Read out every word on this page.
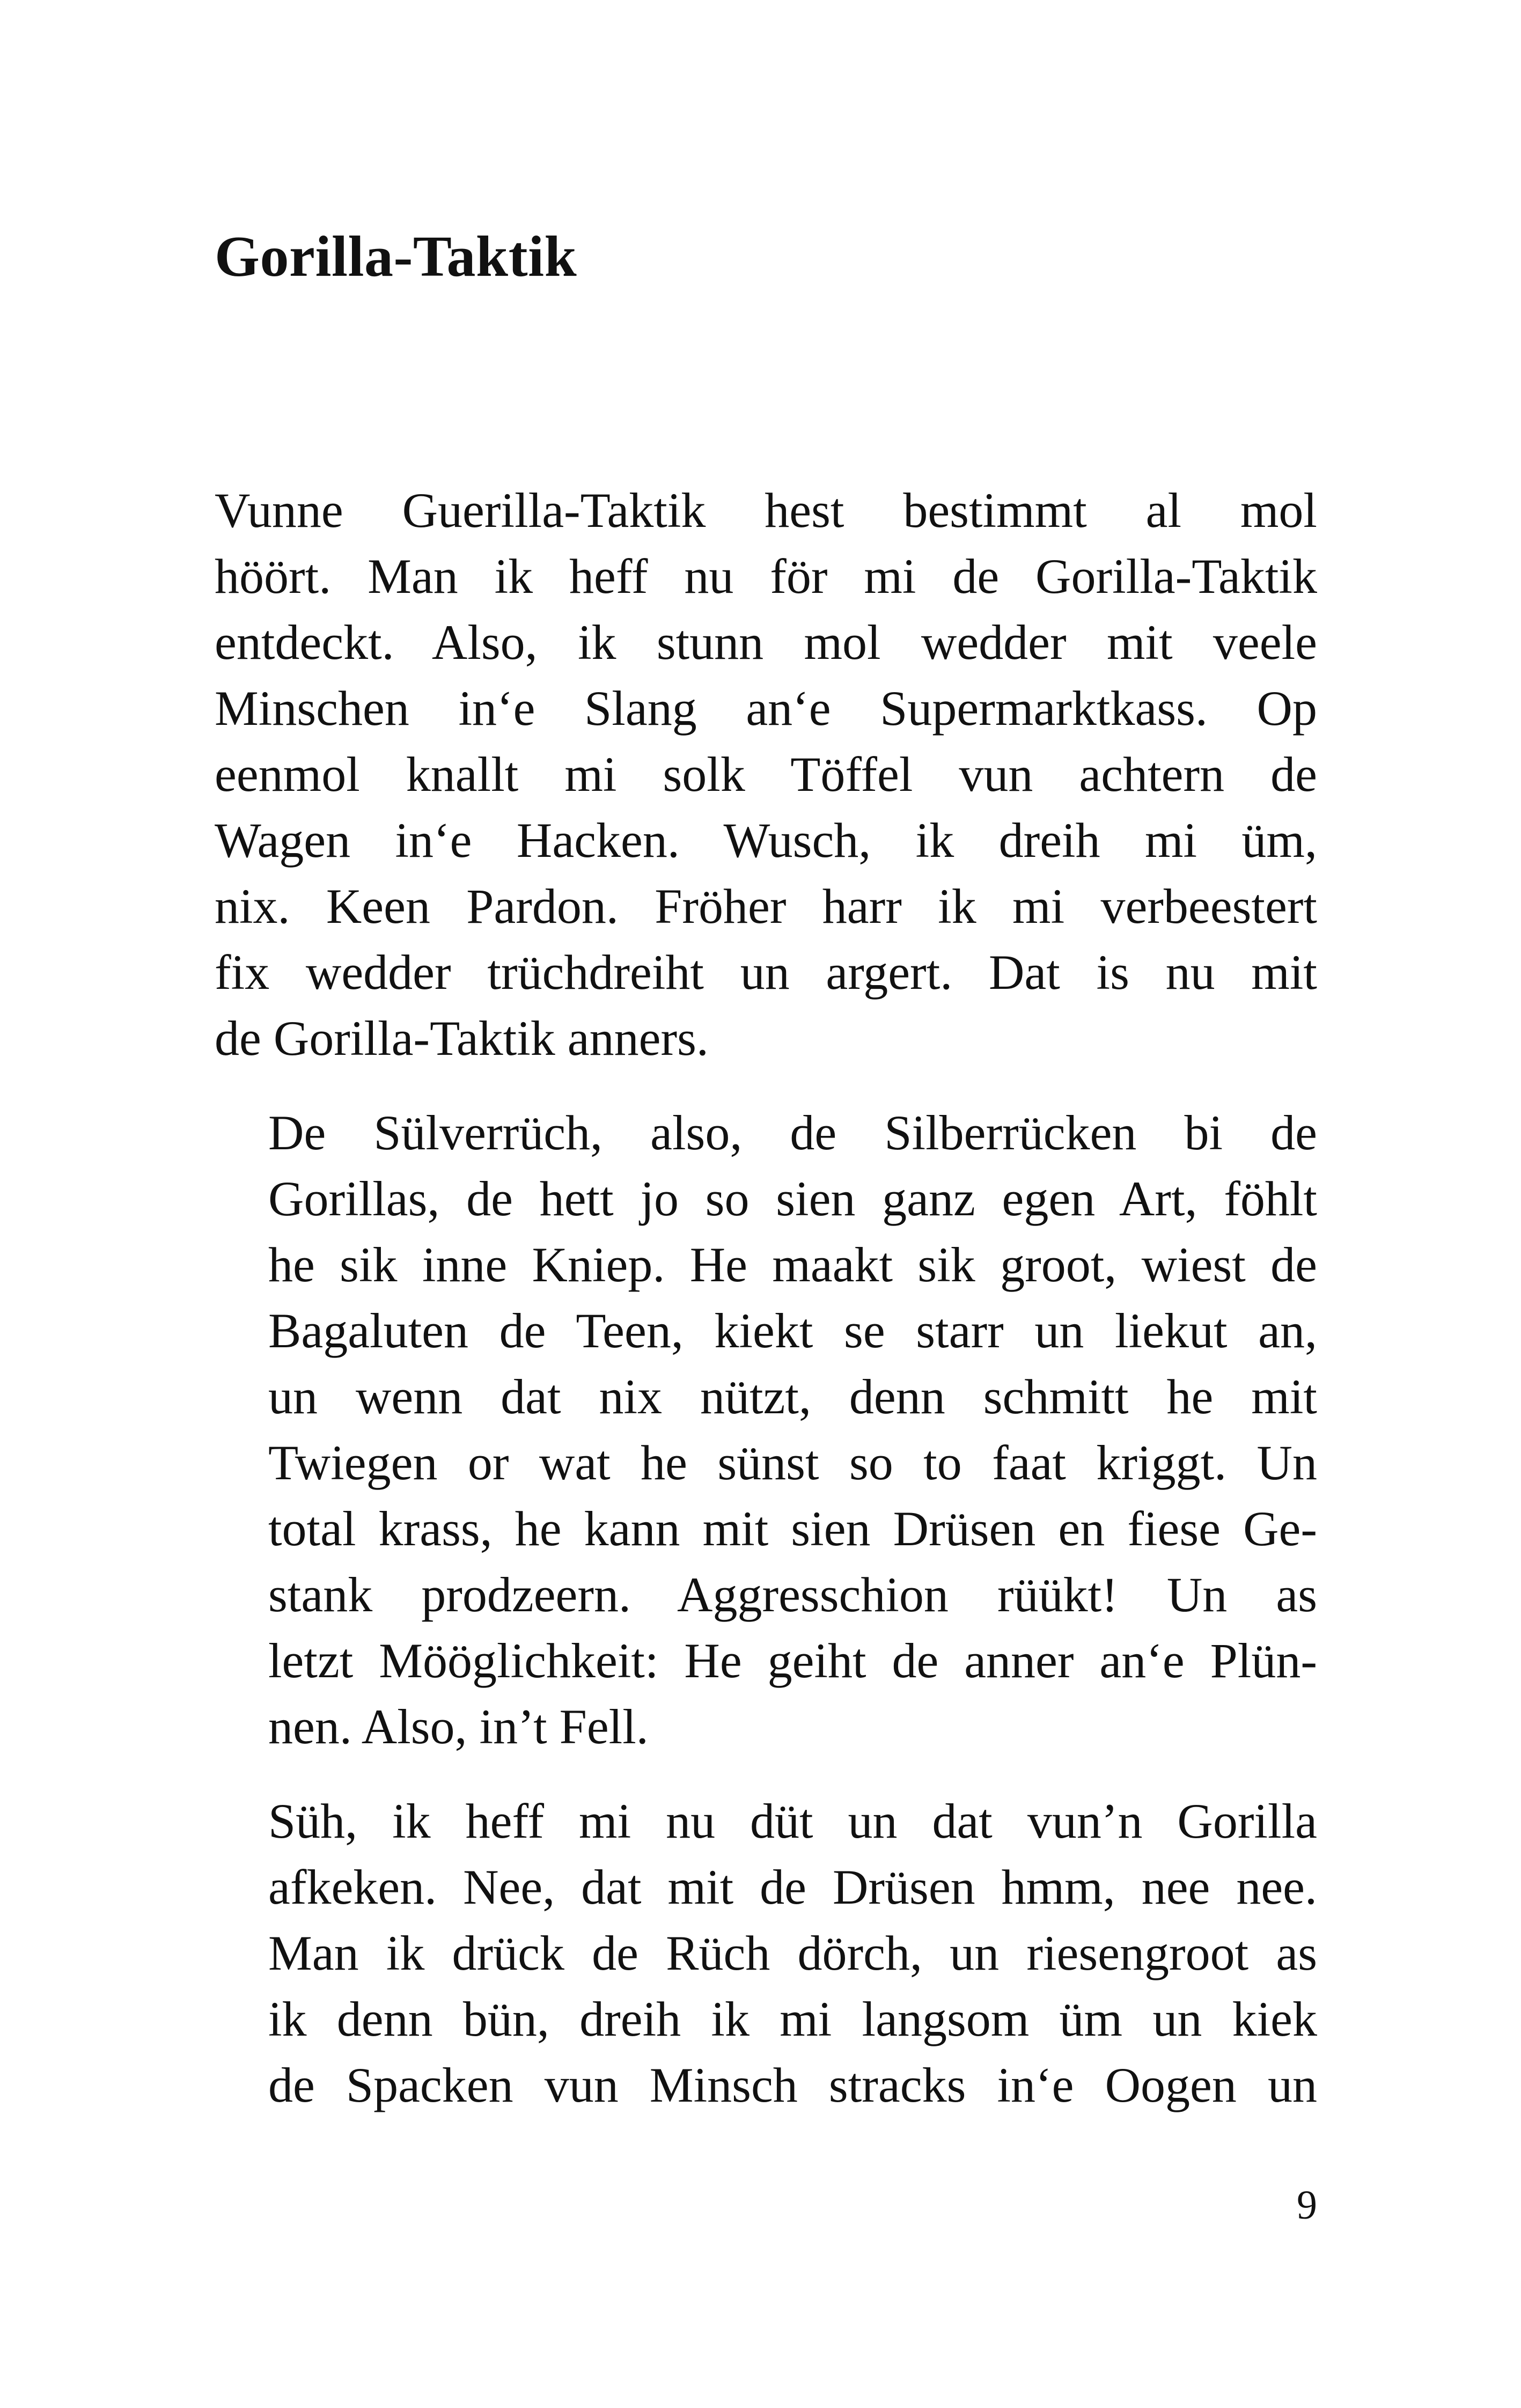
Gorilla-Taktik

Vunne Guerilla-Taktik hest bestimmt al mol
höört. Man ik heff nu för mi de Gorilla-Taktik
entdeckt. Also, ik stunn mol wedder mit veele
Minschen in‘e Slang an‘e Supermarktkass. Op
eenmol knallt mi solk Töffel vun achtern de
Wagen in‘e Hacken. Wusch, ik dreih mi üm,
nix. Keen Pardon. Fröher harr ik mi verbeestert
fix wedder trüchdreiht un argert. Dat is nu mit
de Gorilla-Taktik anners.

De Sülverrüch, also, de Silberrücken bi de
Gorillas, de hett jo so sien ganz egen Art, föhlt
he sik inne Kniep. He maakt sik groot, wiest de
Bagaluten de Teen, kiekt se starr un liekut an,
un wenn dat nix nützt, denn schmitt he mit
Twiegen or wat he sünst so to faat kriggt. Un
total krass, he kann mit sien Drüsen en fiese Ge-
stank prodzeern. Aggresschion rüükt! Un as
letzt Mööglichkeit: He geiht de anner an‘e Plün-
nen. Also, in’t Fell.

Süh, ik heff mi nu düt un dat vun’n Gorilla
afkeken. Nee, dat mit de Drüsen hmm, nee nee.
Man ik drück de Rüch dörch, un riesengroot as
ik denn bün, dreih ik mi langsom üm un kiek
de Spacken vun Minsch stracks in‘e Oogen un

9
